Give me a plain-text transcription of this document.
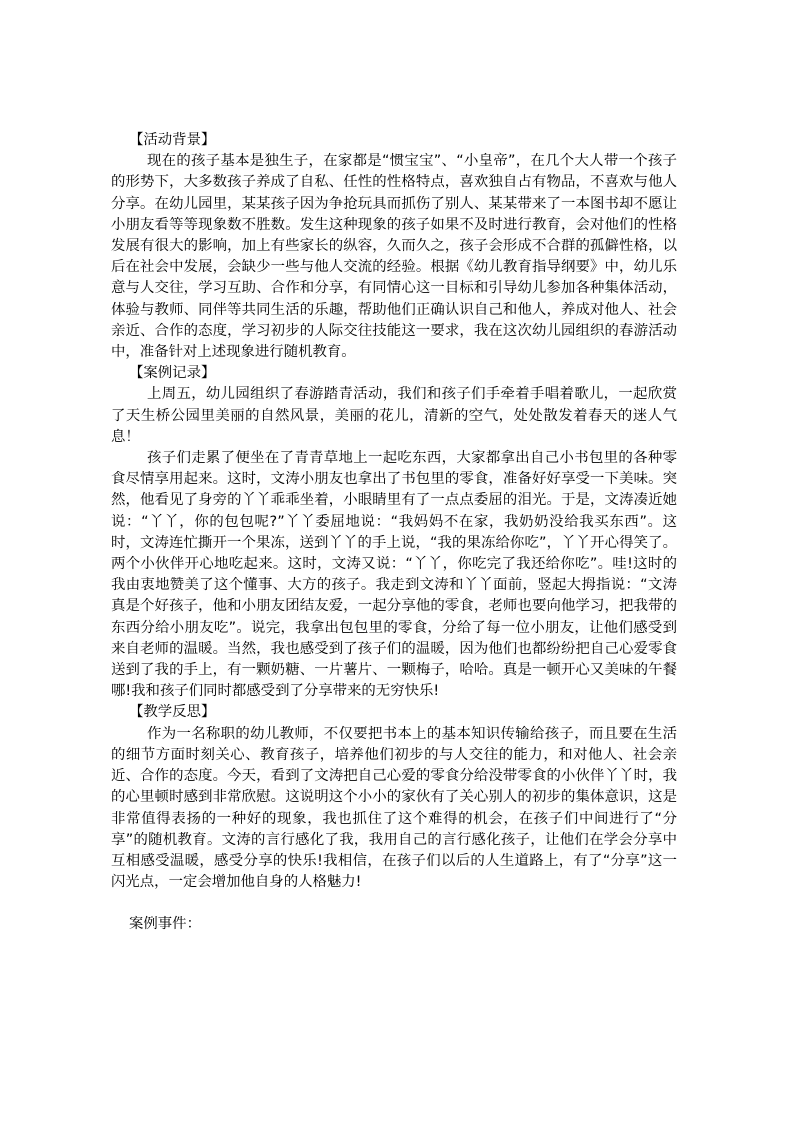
【活动背景】

现在的孩子基本是独生子，在家都是“惯宝宝”、“小皇帝”，在几个大人带一个孩子的形势下，大多数孩子养成了自私、任性的性格特点，喜欢独自占有物品，不喜欢与他人分享。在幼儿园里，某某孩子因为争抢玩具而抓伤了别人、某某带来了一本图书却不愿让小朋友看等等现象数不胜数。发生这种现象的孩子如果不及时进行教育，会对他们的性格发展有很大的影响，加上有些家长的纵容，久而久之，孩子会形成不合群的孤僻性格，以后在社会中发展，会缺少一些与他人交流的经验。根据《幼儿教育指导纲要》中，幼儿乐意与人交往，学习互助、合作和分享，有同情心这一目标和引导幼儿参加各种集体活动，体验与教师、同伴等共同生活的乐趣，帮助他们正确认识自己和他人，养成对他人、社会亲近、合作的态度，学习初步的人际交往技能这一要求，我在这次幼儿园组织的春游活动中，准备针对上述现象进行随机教育。

【案例记录】

上周五，幼儿园组织了春游踏青活动，我们和孩子们手牵着手唱着歌儿，一起欣赏了天生桥公园里美丽的自然风景，美丽的花儿，清新的空气，处处散发着春天的迷人气息！

孩子们走累了便坐在了青青草地上一起吃东西，大家都拿出自己小书包里的各种零食尽情享用起来。这时，文涛小朋友也拿出了书包里的零食，准备好好享受一下美味。突然，他看见了身旁的丫丫乖乖坐着，小眼睛里有了一点点委屈的泪光。于是，文涛凑近她说：“丫丫，你的包包呢?”丫丫委屈地说：“我妈妈不在家，我奶奶没给我买东西”。这时，文涛连忙撕开一个果冻，送到丫丫的手上说，“我的果冻给你吃”，丫丫开心得笑了。两个小伙伴开心地吃起来。这时，文涛又说：“丫丫，你吃完了我还给你吃”。哇!这时的我由衷地赞美了这个懂事、大方的孩子。我走到文涛和丫丫面前，竖起大拇指说：“文涛真是个好孩子，他和小朋友团结友爱，一起分享他的零食，老师也要向他学习，把我带的东西分给小朋友吃”。说完，我拿出包包里的零食，分给了每一位小朋友，让他们感受到来自老师的温暖。当然，我也感受到了孩子们的温暖，因为他们也都纷纷把自己心爱零食送到了我的手上，有一颗奶糖、一片薯片、一颗梅子，哈哈。真是一顿开心又美味的午餐哪!我和孩子们同时都感受到了分享带来的无穷快乐!

【教学反思】

作为一名称职的幼儿教师，不仅要把书本上的基本知识传输给孩子，而且要在生活的细节方面时刻关心、教育孩子，培养他们初步的与人交往的能力，和对他人、社会亲近、合作的态度。今天，看到了文涛把自己心爱的零食分给没带零食的小伙伴丫丫时，我的心里顿时感到非常欣慰。这说明这个小小的家伙有了关心别人的初步的集体意识，这是非常值得表扬的一种好的现象，我也抓住了这个难得的机会，在孩子们中间进行了“分享”的随机教育。文涛的言行感化了我，我用自己的言行感化孩子，让他们在学会分享中互相感受温暖，感受分享的快乐!我相信，在孩子们以后的人生道路上，有了“分享”这一闪光点，一定会增加他自身的人格魅力!

案例事件：
